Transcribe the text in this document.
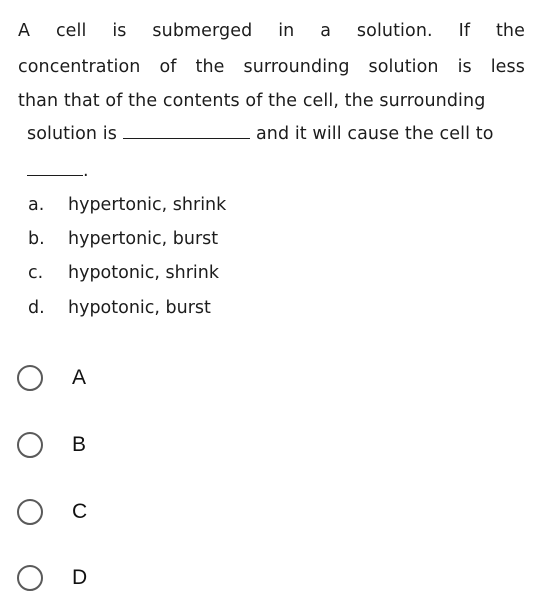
A cell is submerged in a solution. If the
concentration of the surrounding solution is less
than that of the contents of the cell, the surrounding
solution is	and it will cause the cell to
.
a. hypertonic, shrink
b. hypertonic, burst
c. hypotonic, shrink
d. hypotonic, burst
A
B
C
D
